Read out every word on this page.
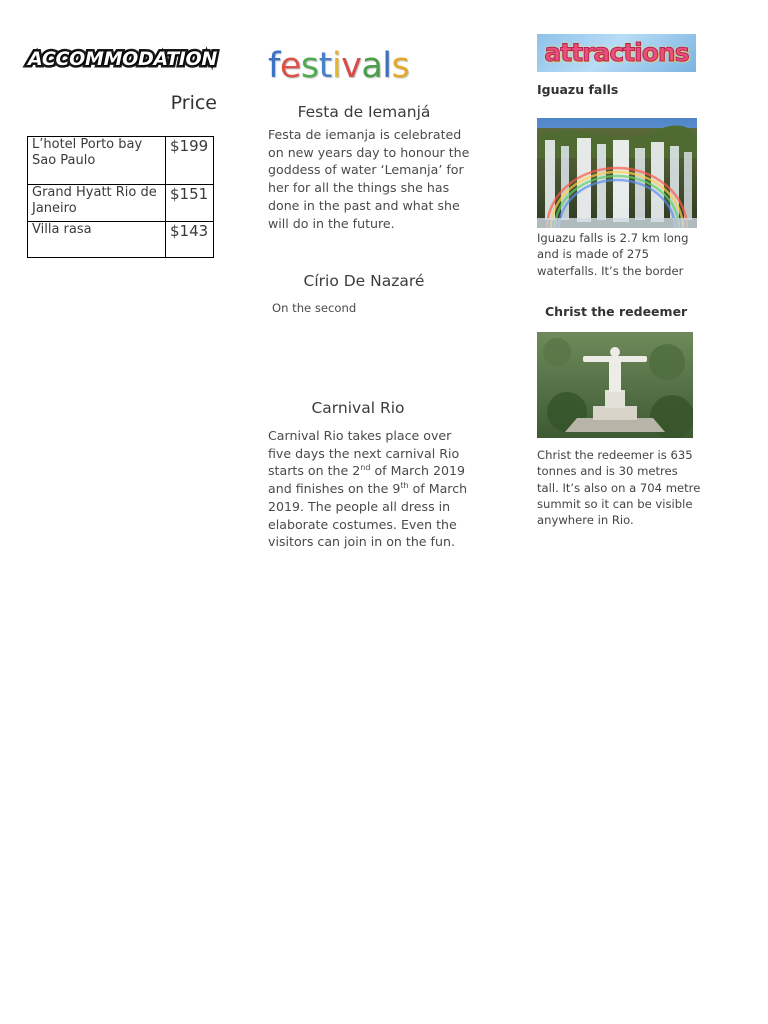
ACCOMMODATION
Price
L’hotel Porto bay Sao Paulo	$199
Grand Hyatt Rio de Janeiro	$151
Villa rasa	$143
festivals
Festa de Iemanjá
Festa de iemanja is celebrated on new years day to honour the goddess of water ‘Lemanja’ for her for all the things she has done in the past and what she will do in the future.
Círio De Nazaré
On the second
Carnival Rio
Carnival Rio takes place over five days the next carnival Rio starts on the 2nd of March 2019 and finishes on the 9th of March 2019. The people all dress in elaborate costumes. Even the visitors can join in on the fun.
attractions
Iguazu falls
Iguazu falls is 2.7 km long and is made of 275 waterfalls. It’s the border
Christ the redeemer
Christ the redeemer is 635 tonnes and is 30 metres tall. It’s also on a 704 metre summit so it can be visible anywhere in Rio.
